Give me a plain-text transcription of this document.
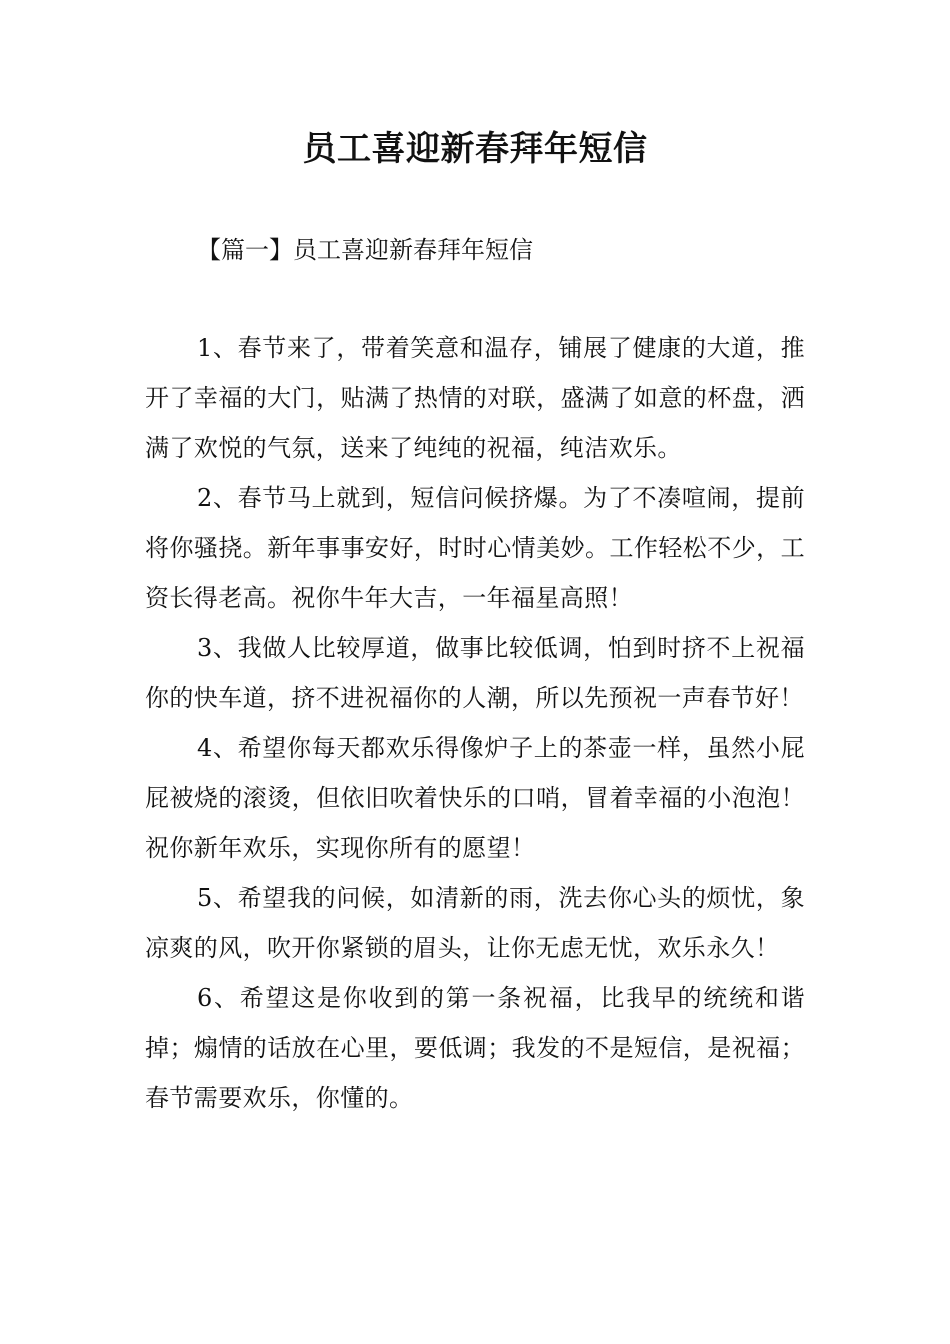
员工喜迎新春拜年短信
【篇一】员工喜迎新春拜年短信

1、春节来了，带着笑意和温存，铺展了健康的大道，推开了幸福的大门，贴满了热情的对联，盛满了如意的杯盘，洒满了欢悦的气氛，送来了纯纯的祝福，纯洁欢乐。

2、春节马上就到，短信问候挤爆。为了不凑喧闹，提前将你骚挠。新年事事安好，时时心情美妙。工作轻松不少，工资长得老高。祝你牛年大吉，一年福星高照！

3、我做人比较厚道，做事比较低调，怕到时挤不上祝福你的快车道，挤不进祝福你的人潮，所以先预祝一声春节好！

4、希望你每天都欢乐得像炉子上的茶壶一样，虽然小屁屁被烧的滚烫，但依旧吹着快乐的口哨，冒着幸福的小泡泡！祝你新年欢乐，实现你所有的愿望！

5、希望我的问候，如清新的雨，洗去你心头的烦忧，象凉爽的风，吹开你紧锁的眉头，让你无虑无忧，欢乐永久！

6、希望这是你收到的第一条祝福，比我早的统统和谐掉；煽情的话放在心里，要低调；我发的不是短信，是祝福；春节需要欢乐，你懂的。
